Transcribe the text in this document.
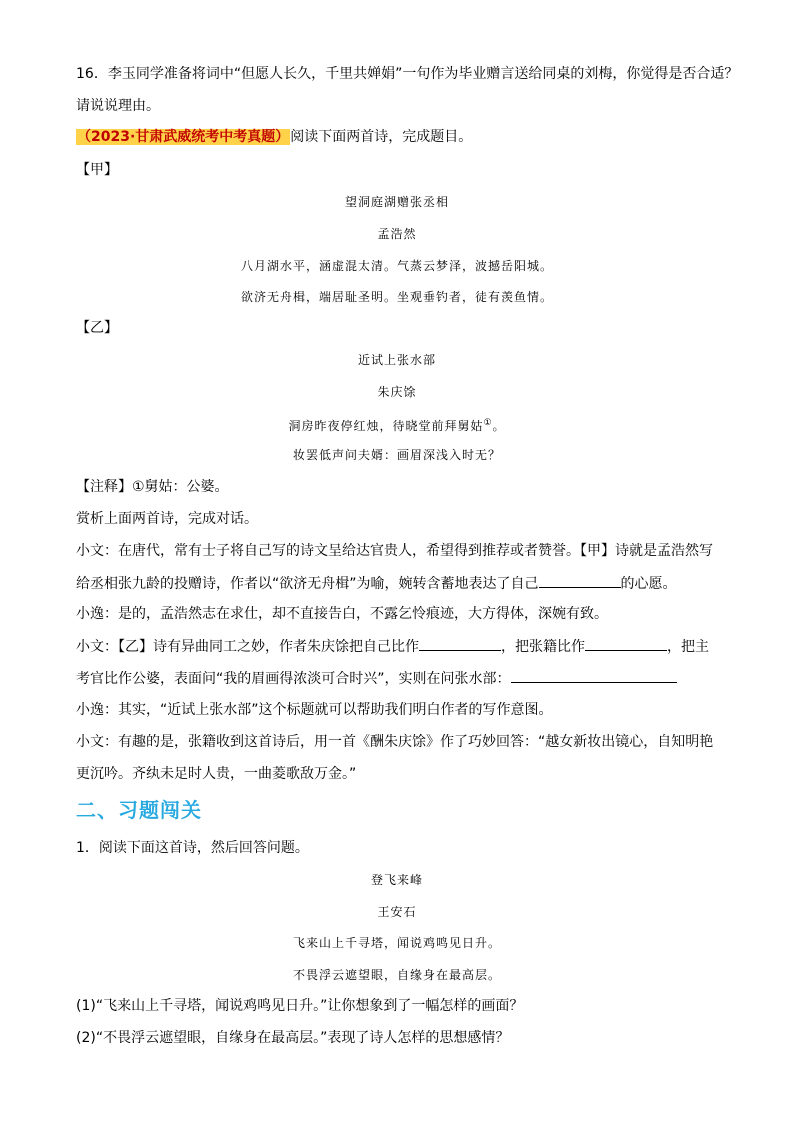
16．李玉同学准备将词中“但愿人长久，千里共婵娟”一句作为毕业赠言送给同桌的刘梅，你觉得是否合适？
请说说理由。
（2023·甘肃武威统考中考真题）阅读下面两首诗，完成题目。
【甲】
望洞庭湖赠张丞相
孟浩然
八月湖水平，涵虚混太清。气蒸云梦泽，波撼岳阳城。
欲济无舟楫，端居耻圣明。坐观垂钓者，徒有羡鱼情。
【乙】
近试上张水部
朱庆馀
洞房昨夜停红烛，待晓堂前拜舅姑①。
妆罢低声问夫婿：画眉深浅入时无？
【注释】①舅姑：公婆。
赏析上面两首诗，完成对话。
小文：在唐代，常有士子将自己写的诗文呈给达官贵人，希望得到推荐或者赞誉。【甲】诗就是孟浩然写
给丞相张九龄的投赠诗，作者以“欲济无舟楫”为喻，婉转含蓄地表达了自己	的心愿。
小逸：是的，孟浩然志在求仕，却不直接告白，不露乞怜痕迹，大方得体，深婉有致。
小文：【乙】诗有异曲同工之妙，作者朱庆馀把自己比作	，把张籍比作	，把主
考官比作公婆，表面问“我的眉画得浓淡可合时兴”，实则在问张水部：
小逸：其实，“近试上张水部”这个标题就可以帮助我们明白作者的写作意图。
小文：有趣的是，张籍收到这首诗后，用一首《酬朱庆馀》作了巧妙回答：“越女新妆出镜心，自知明艳
更沉吟。齐纨未足时人贵，一曲菱歌敌万金。”
二、习题闯关
1．阅读下面这首诗，然后回答问题。
登飞来峰
王安石
飞来山上千寻塔，闻说鸡鸣见日升。
不畏浮云遮望眼，自缘身在最高层。
(1)“飞来山上千寻塔，闻说鸡鸣见日升。”让你想象到了一幅怎样的画面？
(2)“不畏浮云遮望眼，自缘身在最高层。”表现了诗人怎样的思想感情？
